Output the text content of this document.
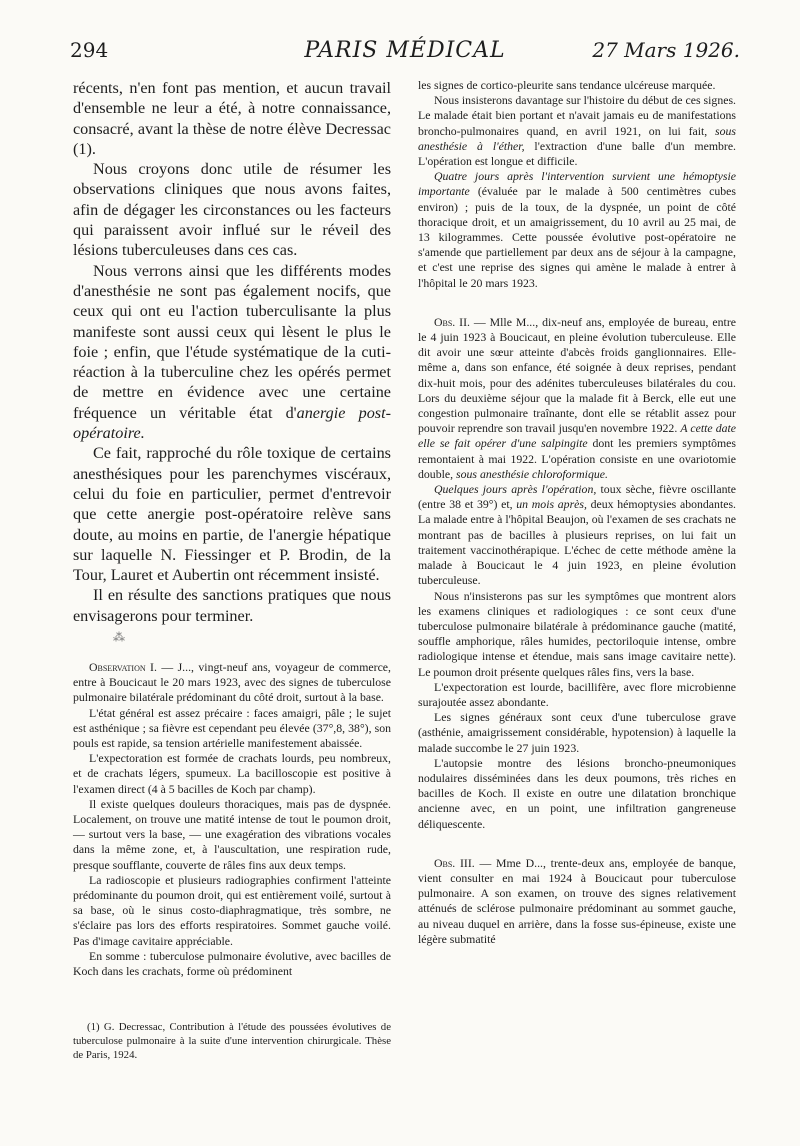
294	PARIS MÉDICAL	27 Mars 1926.

récents, n'en font pas mention, et aucun travail d'ensemble ne leur a été, à notre connaissance, consacré, avant la thèse de notre élève Decressac (1).

Nous croyons donc utile de résumer les observations cliniques que nous avons faites, afin de dégager les circonstances ou les facteurs qui paraissent avoir influé sur le réveil des lésions tuberculeuses dans ces cas.

Nous verrons ainsi que les différents modes d'anesthésie ne sont pas également nocifs, que ceux qui ont eu l'action tuberculisante la plus manifeste sont aussi ceux qui lèsent le plus le foie ; enfin, que l'étude systématique de la cuti-réaction à la tuberculine chez les opérés permet de mettre en évidence avec une certaine fréquence un véritable état d'anergie post-opératoire.

Ce fait, rapproché du rôle toxique de certains anesthésiques pour les parenchymes viscéraux, celui du foie en particulier, permet d'entrevoir que cette anergie post-opératoire relève sans doute, au moins en partie, de l'anergie hépatique sur laquelle N. Fiessinger et P. Brodin, de la Tour, Lauret et Aubertin ont récemment insisté.

Il en résulte des sanctions pratiques que nous envisagerons pour terminer.

⁂

Observation I. — J..., vingt-neuf ans, voyageur de commerce, entre à Boucicaut le 20 mars 1923, avec des signes de tuberculose pulmonaire bilatérale prédominant du côté droit, surtout à la base.

L'état général est assez précaire : faces amaigri, pâle ; le sujet est asthénique ; sa fièvre est cependant peu élevée (37°,8, 38°), son pouls est rapide, sa tension artérielle manifestement abaissée.

L'expectoration est formée de crachats lourds, peu nombreux, et de crachats légers, spumeux. La bacilloscopie est positive à l'examen direct (4 à 5 bacilles de Koch par champ).

Il existe quelques douleurs thoraciques, mais pas de dyspnée. Localement, on trouve une matité intense de tout le poumon droit, — surtout vers la base, — une exagération des vibrations vocales dans la même zone, et, à l'auscultation, une respiration rude, presque soufflante, couverte de râles fins aux deux temps.

La radioscopie et plusieurs radiographies confirment l'atteinte prédominante du poumon droit, qui est entièrement voilé, surtout à sa base, où le sinus costo-diaphragmatique, très sombre, ne s'éclaire pas lors des efforts respiratoires. Sommet gauche voilé. Pas d'image cavitaire appréciable.

En somme : tuberculose pulmonaire évolutive, avec bacilles de Koch dans les crachats, forme où prédominent

(1) G. Decressac, Contribution à l'étude des poussées évolutives de tuberculose pulmonaire à la suite d'une intervention chirurgicale. Thèse de Paris, 1924.

les signes de cortico-pleurite sans tendance ulcéreuse marquée.

Nous insisterons davantage sur l'histoire du début de ces signes. Le malade était bien portant et n'avait jamais eu de manifestations broncho-pulmonaires quand, en avril 1921, on lui fait, sous anesthésie à l'éther, l'extraction d'une balle d'un membre. L'opération est longue et difficile.

Quatre jours après l'intervention survient une hémoptysie importante (évaluée par le malade à 500 centimètres cubes environ) ; puis de la toux, de la dyspnée, un point de côté thoracique droit, et un amaigrissement, du 10 avril au 25 mai, de 13 kilogrammes. Cette poussée évolutive post-opératoire ne s'amende que partiellement par deux ans de séjour à la campagne, et c'est une reprise des signes qui amène le malade à entrer à l'hôpital le 20 mars 1923.

Obs. II. — Mlle M..., dix-neuf ans, employée de bureau, entre le 4 juin 1923 à Boucicaut, en pleine évolution tuberculeuse. Elle dit avoir une sœur atteinte d'abcès froids ganglionnaires. Elle-même a, dans son enfance, été soignée à deux reprises, pendant dix-huit mois, pour des adénites tuberculeuses bilatérales du cou. Lors du deuxième séjour que la malade fit à Berck, elle eut une congestion pulmonaire traînante, dont elle se rétablit assez pour pouvoir reprendre son travail jusqu'en novembre 1922. A cette date elle se fait opérer d'une salpingite dont les premiers symptômes remontaient à mai 1922. L'opération consiste en une ovariotomie double, sous anesthésie chloroformique.

Quelques jours après l'opération, toux sèche, fièvre oscillante (entre 38 et 39°) et, un mois après, deux hémoptysies abondantes. La malade entre à l'hôpital Beaujon, où l'examen de ses crachats ne montrant pas de bacilles à plusieurs reprises, on lui fait un traitement vaccinothérapique. L'échec de cette méthode amène la malade à Boucicaut le 4 juin 1923, en pleine évolution tuberculeuse.

Nous n'insisterons pas sur les symptômes que montrent alors les examens cliniques et radiologiques : ce sont ceux d'une tuberculose pulmonaire bilatérale à prédominance gauche (matité, souffle amphorique, râles humides, pectoriloquie intense, ombre radiologique intense et étendue, mais sans image cavitaire nette). Le poumon droit présente quelques râles fins, vers la base.

L'expectoration est lourde, bacillifère, avec flore microbienne surajoutée assez abondante.

Les signes généraux sont ceux d'une tuberculose grave (asthénie, amaigrissement considérable, hypotension) à laquelle la malade succombe le 27 juin 1923.

L'autopsie montre des lésions broncho-pneumoniques nodulaires disséminées dans les deux poumons, très riches en bacilles de Koch. Il existe en outre une dilatation bronchique ancienne avec, en un point, une infiltration gangreneuse déliquescente.

Obs. III. — Mme D..., trente-deux ans, employée de banque, vient consulter en mai 1924 à Boucicaut pour tuberculose pulmonaire. A son examen, on trouve des signes relativement atténués de sclérose pulmonaire prédominant au sommet gauche, au niveau duquel en arrière, dans la fosse sus-épineuse, existe une légère submatité
